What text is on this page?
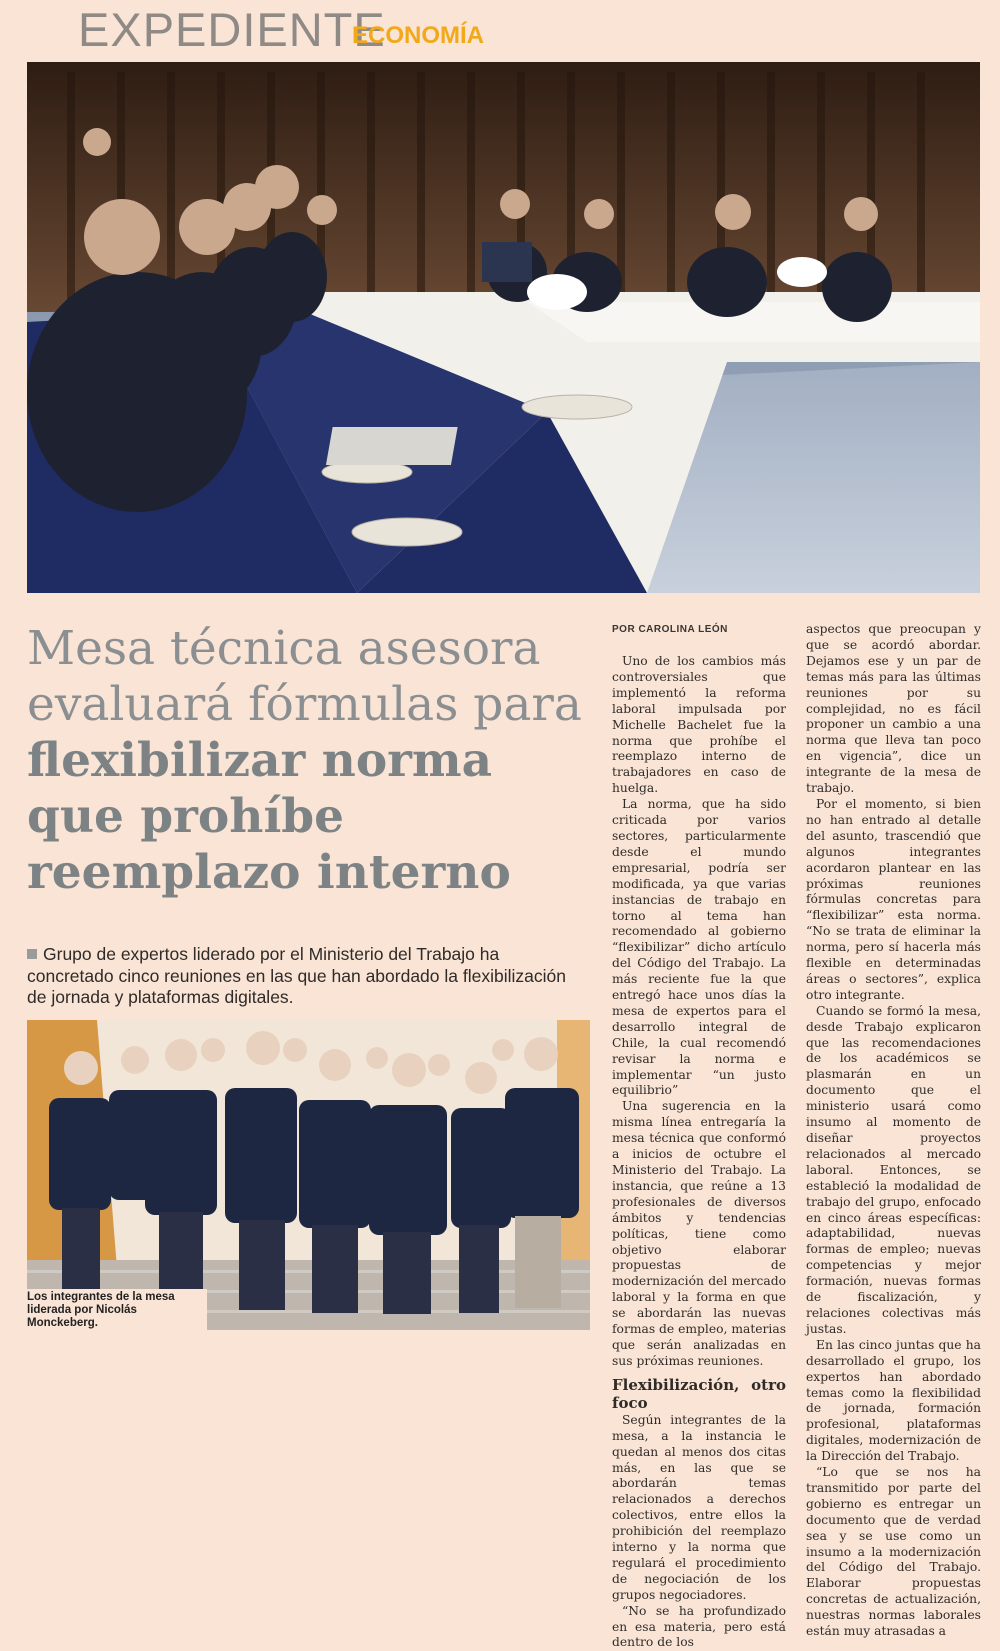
EXPEDIENTE
ECONOMÍA
Mesa técnica asesora evaluará fórmulas para flexibilizar norma que prohíbe reemplazo interno
Grupo de expertos liderado por el Ministerio del Trabajo ha concretado cinco reuniones en las que han abordado la flexibilización de jornada y plataformas digitales.
Los integrantes de la mesa liderada por Nicolás Monckeberg.
POR CAROLINA LEÓN

Uno de los cambios más controversiales que implementó la reforma laboral impulsada por Michelle Bachelet fue la norma que prohíbe el reemplazo interno de trabajadores en caso de huelga.

La norma, que ha sido criticada por varios sectores, particularmente desde el mundo empresarial, podría ser modificada, ya que varias instancias de trabajo en torno al tema han recomendado al gobierno “flexibilizar” dicho artículo del Código del Trabajo. La más reciente fue la que entregó hace unos días la mesa de expertos para el desarrollo integral de Chile, la cual recomendó revisar la norma e implementar “un justo equilibrio”

Una sugerencia en la misma línea entregaría la mesa técnica que conformó a inicios de octubre el Ministerio del Trabajo. La instancia, que reúne a 13 profesionales de diversos ámbitos y tendencias políticas, tiene como objetivo elaborar propuestas de modernización del mercado laboral y la forma en que se abordarán las nuevas formas de empleo, materias que serán analizadas en sus próximas reuniones.

Flexibilización, otro foco

Según integrantes de la mesa, a la instancia le quedan al menos dos citas más, en las que se abordarán temas relacionados a derechos colectivos, entre ellos la prohibición del reemplazo interno y la norma que regulará el procedimiento de negociación de los grupos negociadores.

“No se ha profundizado en esa materia, pero está dentro de los

aspectos que preocupan y que se acordó abordar. Dejamos ese y un par de temas más para las últimas reuniones por su complejidad, no es fácil proponer un cambio a una norma que lleva tan poco en vigencia”, dice un integrante de la mesa de trabajo.

Por el momento, si bien no han entrado al detalle del asunto, trascendió que algunos integrantes acordaron plantear en las próximas reuniones fórmulas concretas para “flexibilizar” esta norma. “No se trata de eliminar la norma, pero sí hacerla más flexible en determinadas áreas o sectores”, explica otro integrante.

Cuando se formó la mesa, desde Trabajo explicaron que las recomendaciones de los académicos se plasmarán en un documento que el ministerio usará como insumo al momento de diseñar proyectos relacionados al mercado laboral. Entonces, se estableció la modalidad de trabajo del grupo, enfocado en cinco áreas específicas: adaptabilidad, nuevas formas de empleo; nuevas competencias y mejor formación, nuevas formas de fiscalización, y relaciones colectivas más justas.

En las cinco juntas que ha desarrollado el grupo, los expertos han abordado temas como la flexibilidad de jornada, formación profesional, plataformas digitales, modernización de la Dirección del Trabajo.

“Lo que se nos ha transmitido por parte del gobierno es entregar un documento que de verdad sea y se use como un insumo a la modernización del Código del Trabajo. Elaborar propuestas concretas de actualización, nuestras normas laborales están muy atrasadas a
